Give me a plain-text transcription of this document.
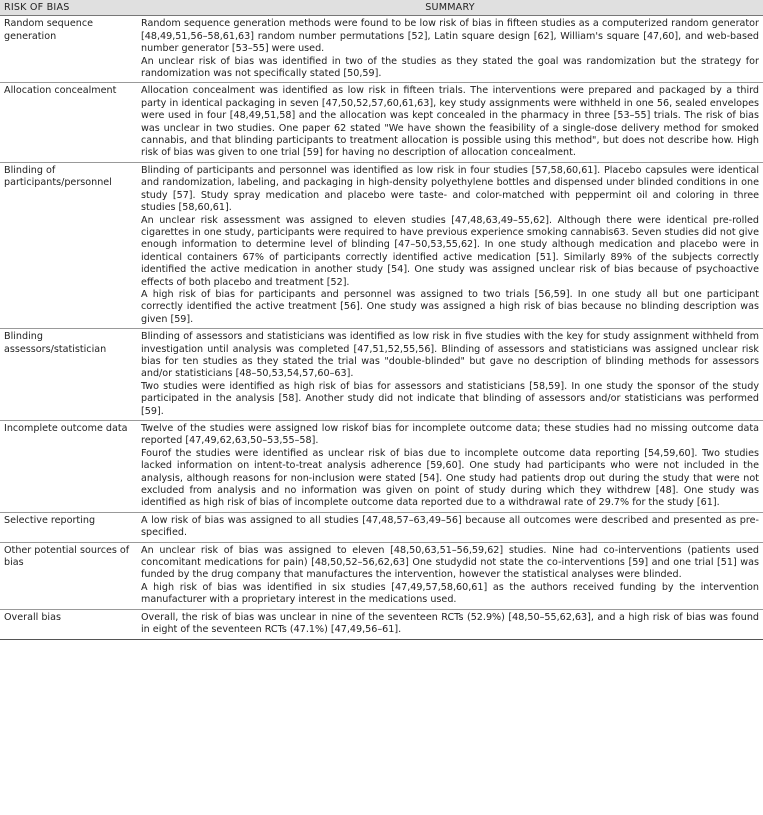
RISK OF BIAS	SUMMARY
Random sequence generation	Random sequence generation methods were found to be low risk of bias in fifteen studies as a computerized random generator [48,49,51,56–58,61,63] random number permutations [52], Latin square design [62], William's square [47,60], and web-based number generator [53–55] were used.

An unclear risk of bias was identified in two of the studies as they stated the goal was randomization but the strategy for randomization was not specifically stated [50,59].

Allocation concealment	Allocation concealment was identified as low risk in fifteen trials. The interventions were prepared and packaged by a third party in identical packaging in seven [47,50,52,57,60,61,63], key study assignments were withheld in one 56, sealed envelopes were used in four [48,49,51,58] and the allocation was kept concealed in the pharmacy in three [53–55] trials. The risk of bias was unclear in two studies. One paper 62 stated "We have shown the feasibility of a single-dose delivery method for smoked cannabis, and that blinding participants to treatment allocation is possible using this method", but does not describe how. High risk of bias was given to one trial [59] for having no description of allocation concealment.

Blinding of participants/personnel	Blinding of participants and personnel was identified as low risk in four studies [57,58,60,61]. Placebo capsules were identical and randomization, labeling, and packaging in high-density polyethylene bottles and dispensed under blinded conditions in one study [57]. Study spray medication and placebo were taste- and color-matched with peppermint oil and coloring in three studies [58,60,61].

An unclear risk assessment was assigned to eleven studies [47,48,63,49–55,62]. Although there were identical pre-rolled cigarettes in one study, participants were required to have previous experience smoking cannabis63. Seven studies did not give enough information to determine level of blinding [47–50,53,55,62]. In one study although medication and placebo were in identical containers 67% of participants correctly identified active medication [51]. Similarly 89% of the subjects correctly identified the active medication in another study [54]. One study was assigned unclear risk of bias because of psychoactive effects of both placebo and treatment [52].

A high risk of bias for participants and personnel was assigned to two trials [56,59]. In one study all but one participant correctly identified the active treatment [56]. One study was assigned a high risk of bias because no blinding description was given [59].

Blinding assessors/statistician	Blinding of assessors and statisticians was identified as low risk in five studies with the key for study assignment withheld from investigation until analysis was completed [47,51,52,55,56]. Blinding of assessors and statisticians was assigned unclear risk bias for ten studies as they stated the trial was "double-blinded" but gave no description of blinding methods for assessors and/or statisticians [48–50,53,54,57,60–63].

Two studies were identified as high risk of bias for assessors and statisticians [58,59]. In one study the sponsor of the study participated in the analysis [58]. Another study did not indicate that blinding of assessors and/or statisticians was performed [59].

Incomplete outcome data	Twelve of the studies were assigned low riskof bias for incomplete outcome data; these studies had no missing outcome data reported [47,49,62,63,50–53,55–58].

Fourof the studies were identified as unclear risk of bias due to incomplete outcome data reporting [54,59,60]. Two studies lacked information on intent-to-treat analysis adherence [59,60]. One study had participants who were not included in the analysis, although reasons for non-inclusion were stated [54]. One study had patients drop out during the study that were not excluded from analysis and no information was given on point of study during which they withdrew [48]. One study was identified as high risk of bias of incomplete outcome data reported due to a withdrawal rate of 29.7% for the study [61].

Selective reporting	A low risk of bias was assigned to all studies [47,48,57–63,49–56] because all outcomes were described and presented as pre-specified.

Other potential sources of bias	An unclear risk of bias was assigned to eleven [48,50,63,51–56,59,62] studies. Nine had co-interventions (patients used concomitant medications for pain) [48,50,52–56,62,63] One studydid not state the co-interventions [59] and one trial [51] was funded by the drug company that manufactures the intervention, however the statistical analyses were blinded.

A high risk of bias was identified in six studies [47,49,57,58,60,61] as the authors received funding by the intervention manufacturer with a proprietary interest in the medications used.

Overall bias	Overall, the risk of bias was unclear in nine of the seventeen RCTs (52.9%) [48,50–55,62,63], and a high risk of bias was found in eight of the seventeen RCTs (47.1%) [47,49,56–61].
